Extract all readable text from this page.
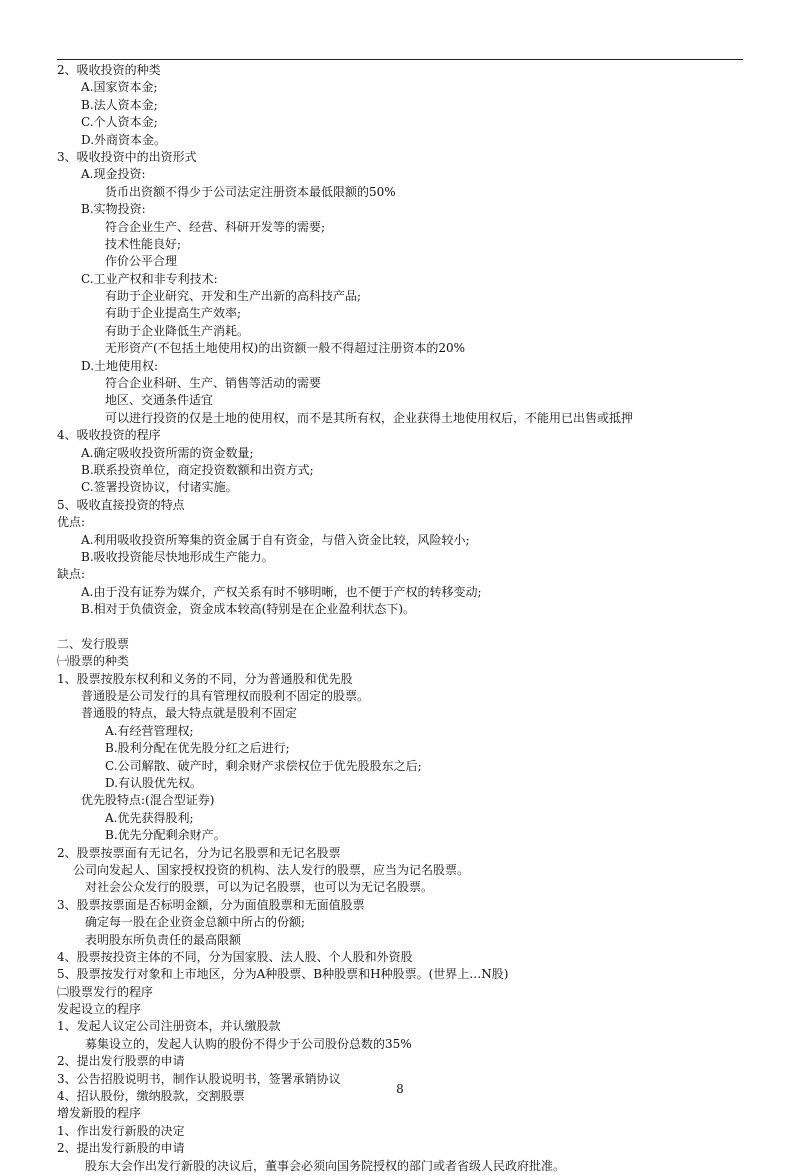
2、吸收投资的种类
A.国家资本金;
B.法人资本金;
C.个人资本金;
D.外商资本金。
3、吸收投资中的出资形式
A.现金投资:
货币出资额不得少于公司法定注册资本最低限额的50%
B.实物投资:
符合企业生产、经营、科研开发等的需要;
技术性能良好;
作价公平合理
C.工业产权和非专利技术:
有助于企业研究、开发和生产出新的高科技产品;
有助于企业提高生产效率;
有助于企业降低生产消耗。
无形资产(不包括土地使用权)的出资额一般不得超过注册资本的20%
D.土地使用权:
符合企业科研、生产、销售等活动的需要
地区、交通条件适宜
可以进行投资的仅是土地的使用权，而不是其所有权，企业获得土地使用权后，不能用已出售或抵押
4、吸收投资的程序
A.确定吸收投资所需的资金数量;
B.联系投资单位，商定投资数额和出资方式;
C.签署投资协议，付诸实施。
5、吸收直接投资的特点
优点:
A.利用吸收投资所筹集的资金属于自有资金，与借入资金比较，风险较小;
B.吸收投资能尽快地形成生产能力。
缺点:
A.由于没有证券为媒介，产权关系有时不够明晰，也不便于产权的转移变动;
B.相对于负债资金，资金成本较高(特别是在企业盈利状态下)。
二、发行股票
㈠股票的种类
1、股票按股东权利和义务的不同，分为普通股和优先股
普通股是公司发行的具有管理权而股利不固定的股票。
普通股的特点，最大特点就是股利不固定
A.有经营管理权;
B.股利分配在优先股分红之后进行;
C.公司解散、破产时，剩余财产求偿权位于优先股股东之后;
D.有认股优先权。
优先股特点:(混合型证券)
A.优先获得股利;
B.优先分配剩余财产。
2、股票按票面有无记名，分为记名股票和无记名股票
公司向发起人、国家授权投资的机构、法人发行的股票，应当为记名股票。
对社会公众发行的股票，可以为记名股票，也可以为无记名股票。
3、股票按票面是否标明金额，分为面值股票和无面值股票
确定每一股在企业资金总额中所占的份额;
表明股东所负责任的最高限额
4、股票按投资主体的不同，分为国家股、法人股、个人股和外资股
5、股票按发行对象和上市地区，分为A种股票、B种股票和H种股票。(世界上…N股)
㈡股票发行的程序
发起设立的程序
1、发起人议定公司注册资本，并认缴股款
募集设立的，发起人认购的股份不得少于公司股份总数的35%
2、提出发行股票的申请
3、公告招股说明书，制作认股说明书，签署承销协议
4、招认股份，缴纳股款，交割股票
增发新股的程序
1、作出发行新股的决定
2、提出发行新股的申请
股东大会作出发行新股的决议后，董事会必须向国务院授权的部门或者省级人民政府批准。
8
